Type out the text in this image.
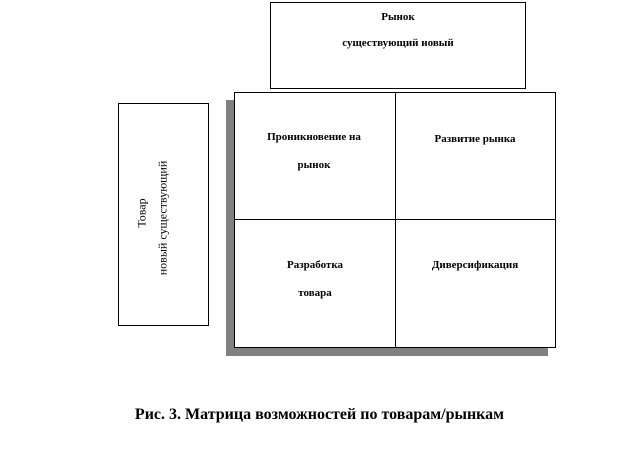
Рынок
существующий новый
Товар новый существующий
Проникновение на
рынок
Развитие рынка
Разработка
товара
Диверсификация
Рис. 3. Матрица возможностей по товарам/рынкам
